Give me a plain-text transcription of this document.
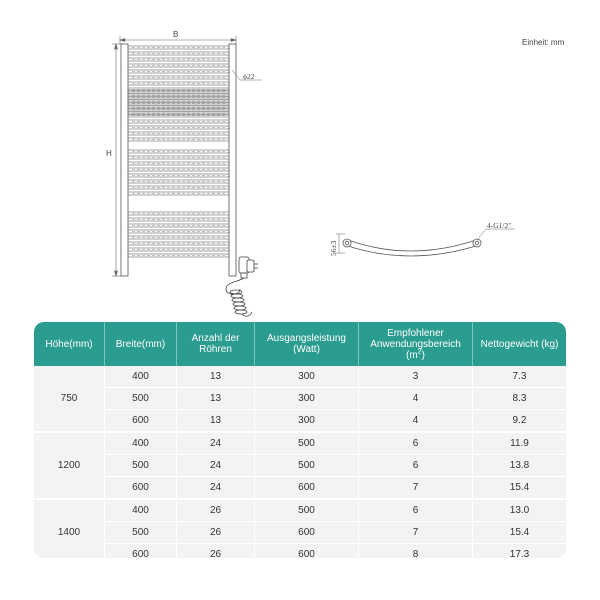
Einheit: mm
B
H
ϕ22
56±3
4-G1/2"
Höhe(mm)	Breite(mm)	Anzahl der Röhren	Ausgangsleistung (Watt)	Empfohlener Anwendungsbereich $(m^2)$	Nettogewicht (kg)
750	400	13	300	3	7.3
	500	13	300	4	8.3
	600	13	300	4	9.2
1200	400	24	500	6	11.9
	500	24	500	6	13.8
	600	24	600	7	15.4
1400	400	26	500	6	13.0
	500	26	600	7	15.4
	600	26	600	8	17.3
